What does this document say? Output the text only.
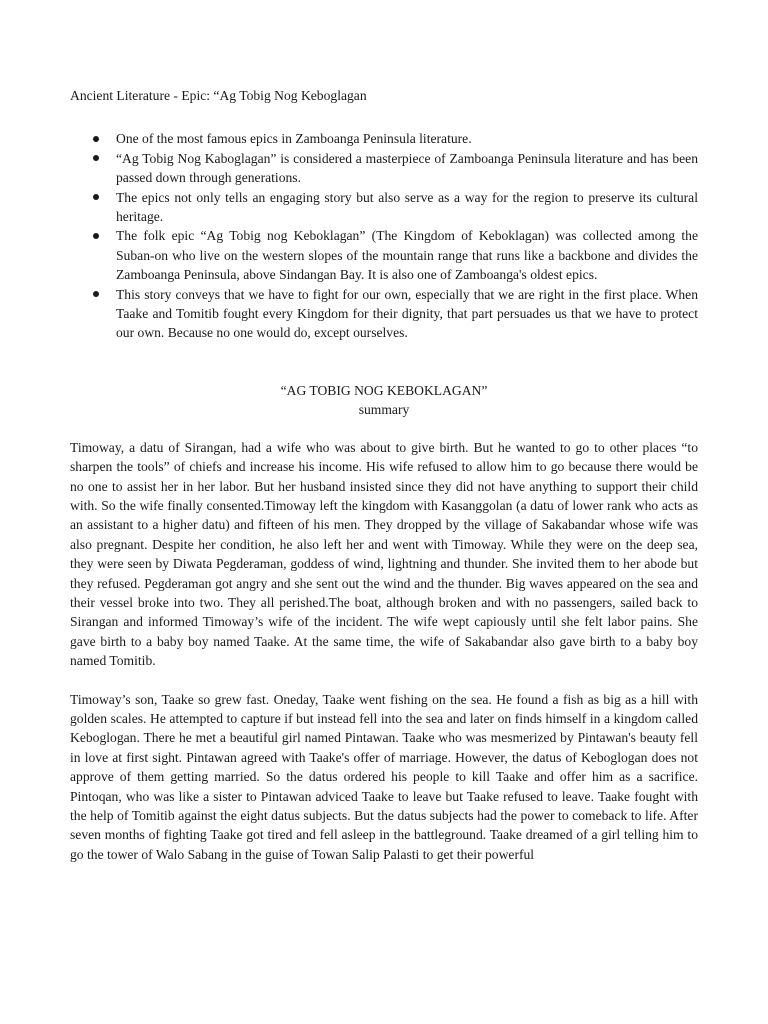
Ancient Literature - Epic: “Ag Tobig Nog Keboglagan

One of the most famous epics in Zamboanga Peninsula literature.
“Ag Tobig Nog Kaboglagan” is considered a masterpiece of Zamboanga Peninsula literature and has been passed down through generations.
The epics not only tells an engaging story but also serve as a way for the region to preserve its cultural heritage.
The folk epic “Ag Tobig nog Keboklagan” (The Kingdom of Keboklagan) was collected among the Suban-on who live on the western slopes of the mountain range that runs like a backbone and divides the Zamboanga Peninsula, above Sindangan Bay. It is also one of Zamboanga's oldest epics.
This story conveys that we have to fight for our own, especially that we are right in the first place. When Taake and Tomitib fought every Kingdom for their dignity, that part persuades us that we have to protect our own. Because no one would do, except ourselves.
“AG TOBIG NOG KEBOKLAGAN”
summary

Timoway, a datu of Sirangan, had a wife who was about to give birth. But he wanted to go to other places “to sharpen the tools” of chiefs and increase his income. His wife refused to allow him to go because there would be no one to assist her in her labor. But her husband insisted since they did not have anything to support their child with. So the wife finally consented.Timoway left the kingdom with Kasanggolan (a datu of lower rank who acts as an assistant to a higher datu) and fifteen of his men. They dropped by the village of Sakabandar whose wife was also pregnant. Despite her condition, he also left her and went with Timoway. While they were on the deep sea, they were seen by Diwata Pegderaman, goddess of wind, lightning and thunder. She invited them to her abode but they refused. Pegderaman got angry and she sent out the wind and the thunder. Big waves appeared on the sea and their vessel broke into two. They all perished.The boat, although broken and with no passengers, sailed back to Sirangan and informed Timoway’s wife of the incident. The wife wept capiously until she felt labor pains. She gave birth to a baby boy named Taake. At the same time, the wife of Sakabandar also gave birth to a baby boy named Tomitib.

Timoway’s son, Taake so grew fast. Oneday, Taake went fishing on the sea. He found a fish as big as a hill with golden scales. He attempted to capture if but instead fell into the sea and later on finds himself in a kingdom called Keboglogan. There he met a beautiful girl named Pintawan. Taake who was mesmerized by Pintawan's beauty fell in love at first sight. Pintawan agreed with Taake's offer of marriage. However, the datus of Keboglogan does not approve of them getting married. So the datus ordered his people to kill Taake and offer him as a sacrifice. Pintoqan, who was like a sister to Pintawan adviced Taake to leave but Taake refused to leave. Taake fought with the help of Tomitib against the eight datus subjects. But the datus subjects had the power to comeback to life. After seven months of fighting Taake got tired and fell asleep in the battleground. Taake dreamed of a girl telling him to go the tower of Walo Sabang in the guise of Towan Salip Palasti to get their powerful
